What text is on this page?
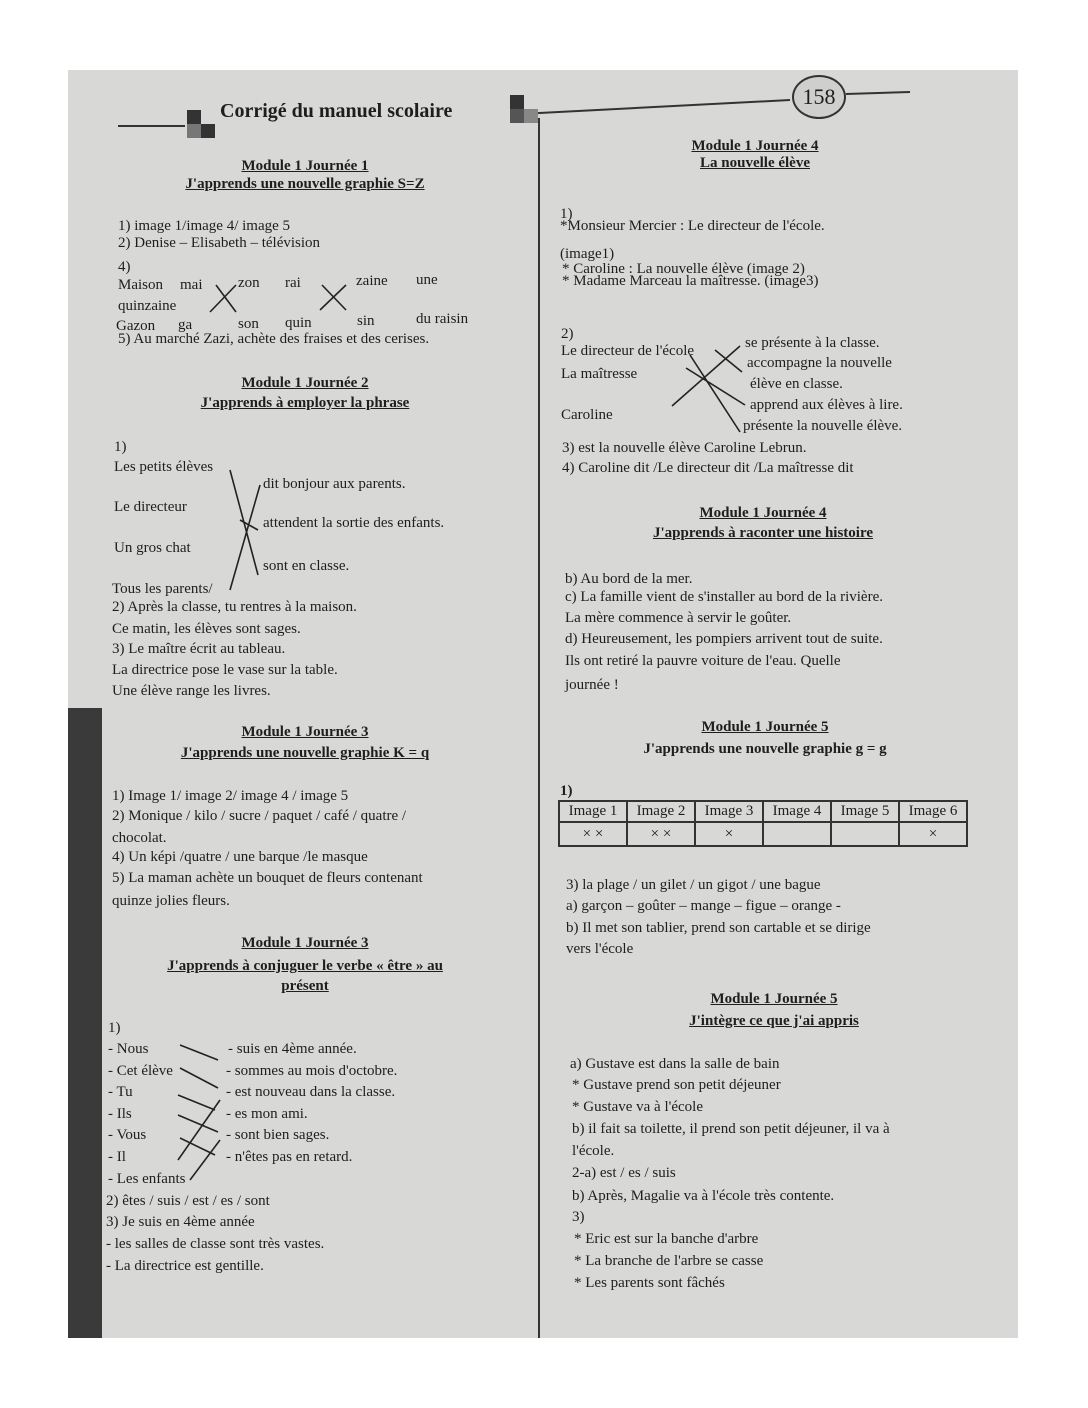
Corrigé du manuel scolaire
158
Module 1 Journée 1
J'apprends une nouvelle graphie S=Z
1) image 1/image 4/ image 5
2) Denise – Elisabeth – télévision
4)
Maison mai zon rai	zaine une
quinzaine
Gazon ga	son quin	sin	du raisin
5) Au marché Zazi, achète des fraises et des cerises.
Module 1 Journée 2
J'apprends à employer la phrase
1)
Les petits élèves
Le directeur
Un gros chat
Tous les parents/
dit bonjour aux parents.
attendent la sortie des enfants.
sont en classe.
2) Après la classe, tu rentres à la maison.
Ce matin, les élèves sont sages.
3) Le maître écrit au tableau.
La directrice pose le vase sur la table.
Une élève range les livres.
Module 1 Journée 3
J'apprends une nouvelle graphie K = q
1) Image 1/ image 2/ image 4 / image 5
2) Monique / kilo / sucre / paquet / café / quatre /
chocolat.
4) Un képi /quatre / une barque /le masque
5) La maman achète un bouquet de fleurs contenant
quinze jolies fleurs.
Module 1 Journée 3
J'apprends à conjuguer le verbe « être » au
présent
1)
- Nous
- Cet élève
- Tu
- Ils
- Vous
- Il
- Les enfants
- suis en 4ème année.
- sommes au mois d'octobre.
- est nouveau dans la classe.
- es mon ami.
- sont bien sages.
- n'êtes pas en retard.
2) êtes / suis / est / es / sont
3) Je suis en 4ème année
- les salles de classe sont très vastes.
- La directrice est gentille.
Module 1 Journée 4
La nouvelle élève
1)
*Monsieur Mercier : Le directeur de l'école.
(image1)
* Caroline : La nouvelle élève (image 2)
* Madame Marceau la maîtresse. (image3)
2)
Le directeur de l'école
La maîtresse
Caroline
se présente à la classe.
accompagne la nouvelle
élève en classe.
apprend aux élèves à lire.
présente la nouvelle élève.
3) est la nouvelle élève Caroline Lebrun.
4) Caroline dit /Le directeur dit /La maîtresse dit
Module 1 Journée 4
J'apprends à raconter une histoire
b) Au bord de la mer.
c) La famille vient de s'installer au bord de la rivière.
La mère commence à servir le goûter.
d) Heureusement, les pompiers arrivent tout de suite.
Ils ont retiré la pauvre voiture de l'eau. Quelle
journée !
Module 1 Journée 5
J'apprends une nouvelle graphie g = g
1)
Image 1	Image 2	Image 3	Image 4	Image 5	Image 6
× ×	× ×	×			×
3) la plage / un gilet / un gigot / une bague
a) garçon – goûter – mange – figue – orange -
b) Il met son tablier, prend son cartable et se dirige
vers l'école
Module 1 Journée 5
J'intègre ce que j'ai appris
a) Gustave est dans la salle de bain
* Gustave prend son petit déjeuner
* Gustave va à l'école
b) il fait sa toilette, il prend son petit déjeuner, il va à
l'école.
2-a) est / es / suis
b) Après, Magalie va à l'école très contente.
3)
* Eric est sur la banche d'arbre
* La branche de l'arbre se casse
* Les parents sont fâchés
